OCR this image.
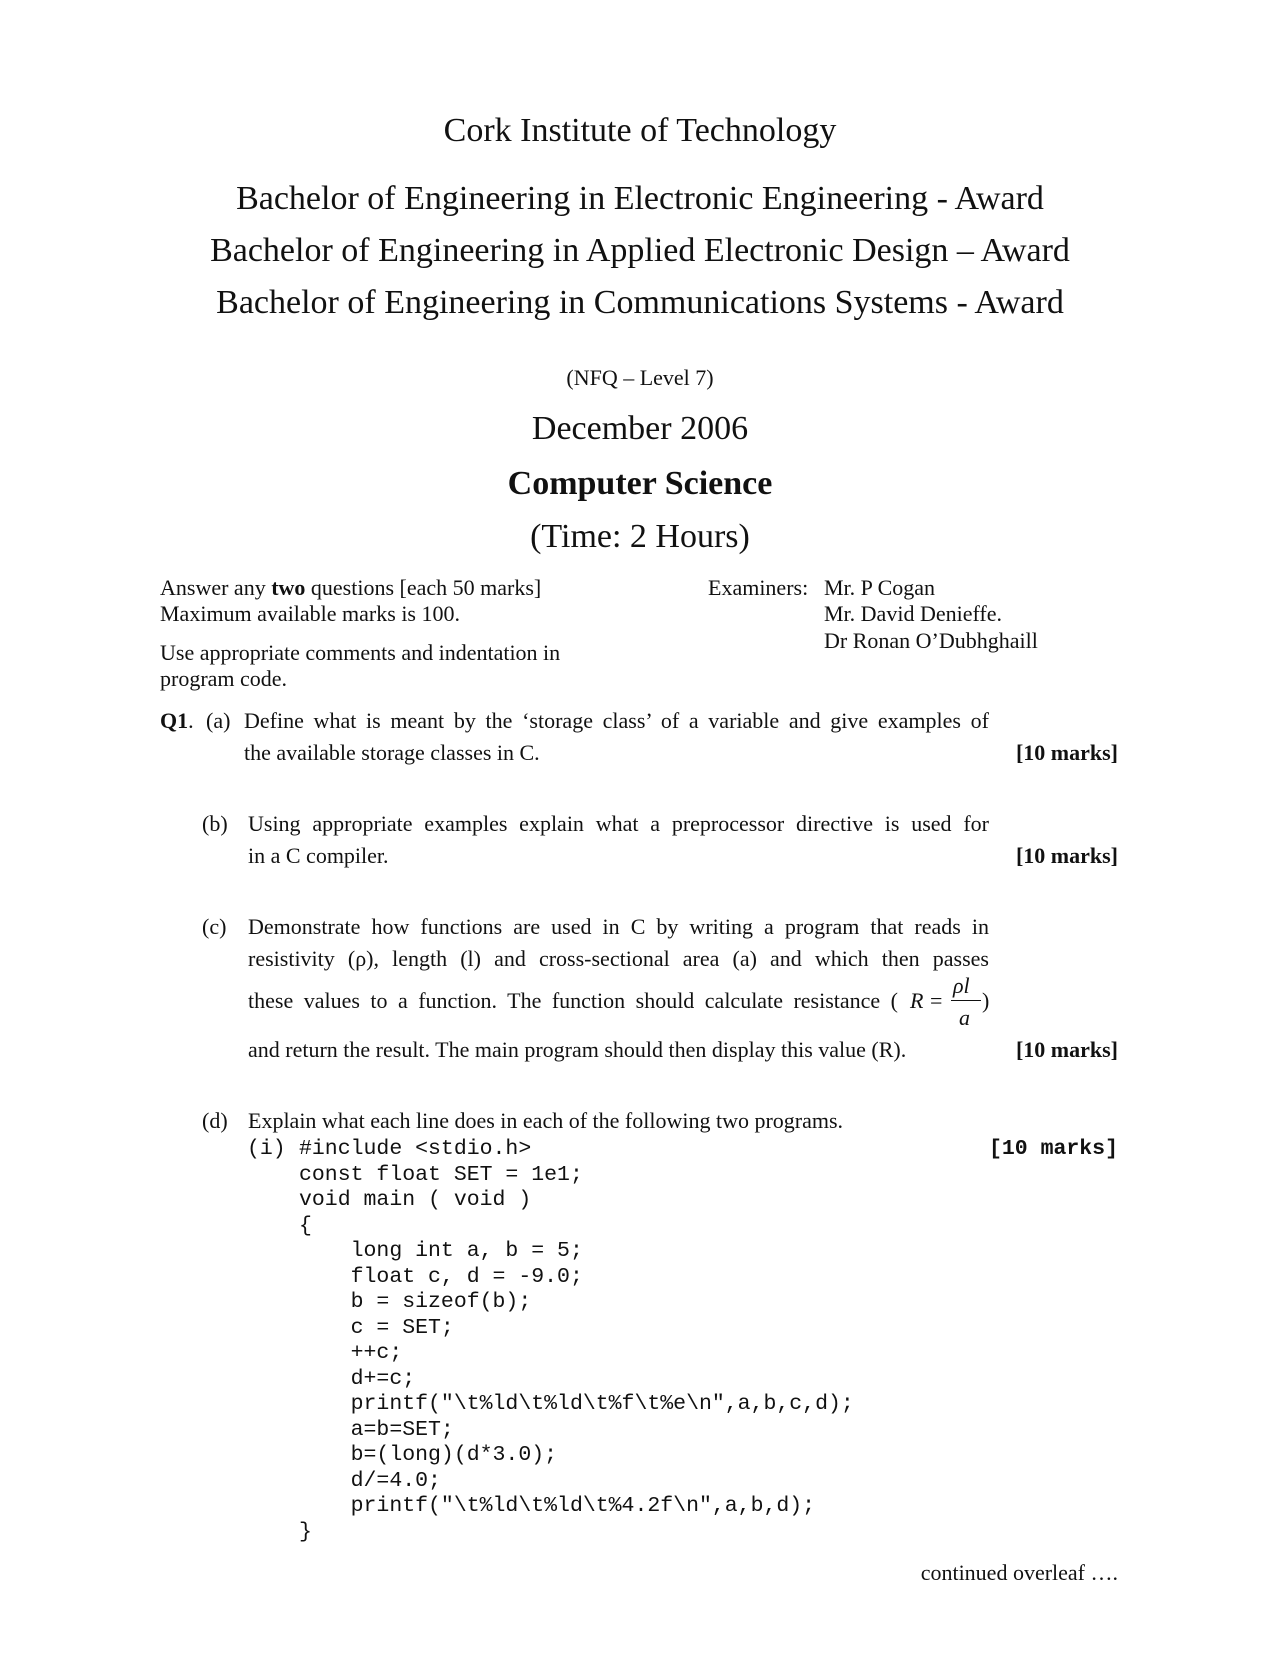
Cork Institute of Technology
Bachelor of Engineering in Electronic Engineering - Award
Bachelor of Engineering in Applied Electronic Design – Award
Bachelor of Engineering in Communications Systems - Award
(NFQ – Level 7)
December 2006
Computer Science
(Time: 2 Hours)
Answer any two questions [each 50 marks]
Maximum available marks is 100.
Use appropriate comments and indentation in
program code.
Examiners: Mr. P Cogan
Mr. David Denieffe.
Dr Ronan O’Dubhghaill
Q1. (a) Define what is meant by the ‘storage class’ of a variable and give examples of
the available storage classes in C.	[10 marks]
(b) Using appropriate examples explain what a preprocessor directive is used for
in a C compiler.	[10 marks]
(c) Demonstrate how functions are used in C by writing a program that reads in
resistivity (ρ), length (l) and cross-sectional area (a) and which then passes
these values to a function. The function should calculate resistance ( R =
ρl
a
)
and return the result. The main program should then display this value (R).	[10 marks]
(d) Explain what each line does in each of the following two programs.
(i)	[10 marks]
#include <stdio.h>
const float SET = 1e1;
void main ( void )
{
long int a, b = 5;
float c, d = -9.0;
b = sizeof(b);
c = SET;
++c;
d+=c;
printf("\t%ld\t%ld\t%f\t%e\n",a,b,c,d);
a=b=SET;
b=(long)(d*3.0);
d/=4.0;
printf("\t%ld\t%ld\t%4.2f\n",a,b,d);
}
continued overleaf ….
